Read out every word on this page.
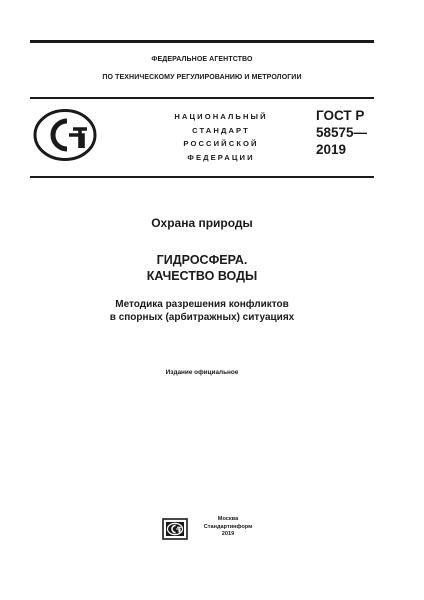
ФЕДЕРАЛЬНОЕ АГЕНТСТВО
ПО ТЕХНИЧЕСКОМУ РЕГУЛИРОВАНИЮ И МЕТРОЛОГИИ
НАЦИОНАЛЬНЫЙ
СТАНДАРТ
РОССИЙСКОЙ
ФЕДЕРАЦИИ
ГОСТ Р
58575—
2019
Охрана природы
ГИДРОСФЕРА.
КАЧЕСТВО ВОДЫ
Методика разрешения конфликтов
в спорных (арбитражных) ситуациях
Издание официальное
Москва
Стандартинформ
2019
